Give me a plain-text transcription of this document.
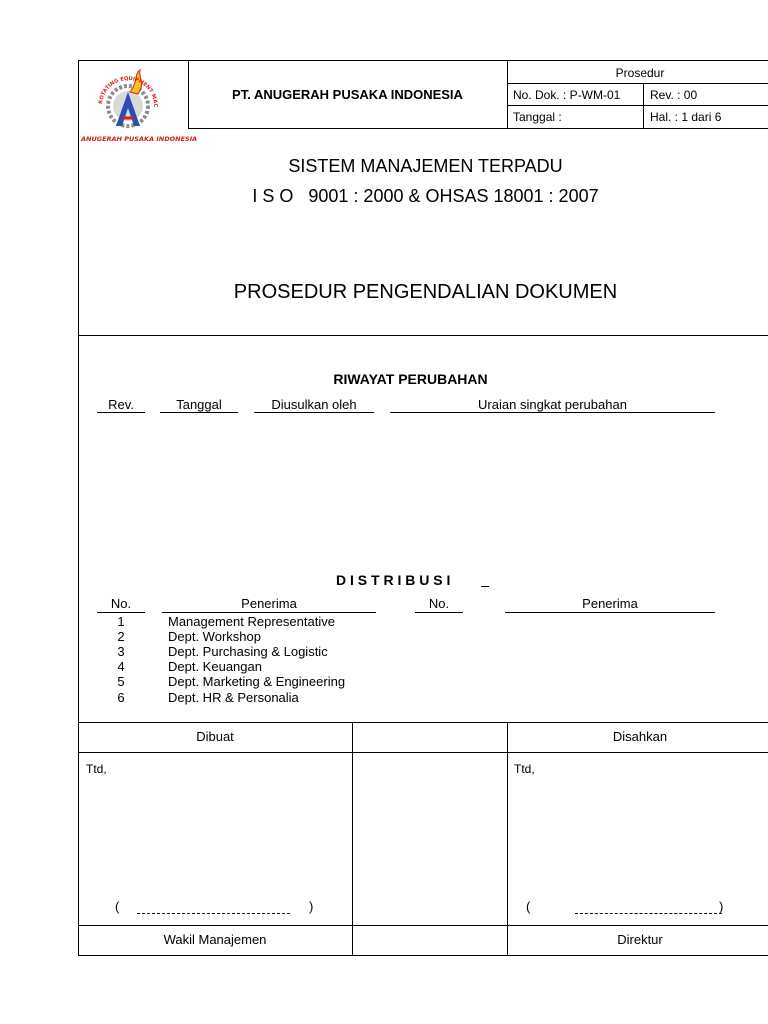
ROTATING EQUIPMENT MAC
ANUGERAH PUSAKA INDONESIA
PT. ANUGERAH PUSAKA INDONESIA
Prosedur
No. Dok. : P-WM-01 Rev. : 00
Tanggal :	Hal. : 1 dari 6
SISTEM MANAJEMEN TERPADU
I S O   9001 : 2000 & OHSAS 18001 : 2007
PROSEDUR PENGENDALIAN DOKUMEN
RIWAYAT PERUBAHAN
Rev.	Tanggal	Diusulkan oleh	Uraian singkat perubahan
D I S T R I B U S I
No.	Penerima	No.	Penerima
1	Management Representative
2	Dept. Workshop
3	Dept. Purchasing & Logistic
4	Dept. Keuangan
5	Dept. Marketing & Engineering
6	Dept. HR & Personalia
Dibuat	Disahkan
Ttd,	Ttd,
(	)	(	)
Wakil Manajemen	Direktur
